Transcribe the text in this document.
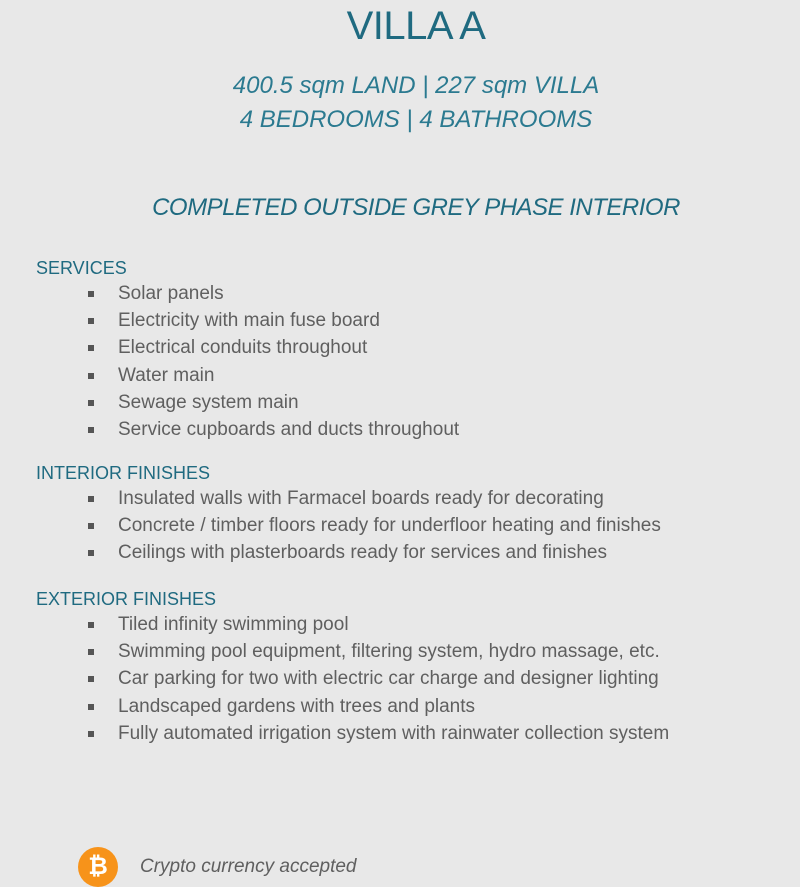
VILLA A
400.5 sqm LAND | 227 sqm VILLA
4 BEDROOMS | 4 BATHROOMS
COMPLETED OUTSIDE GREY PHASE INTERIOR
SERVICES
Solar panels
Electricity with main fuse board
Electrical conduits throughout
Water main
Sewage system main
Service cupboards and ducts throughout
INTERIOR FINISHES
Insulated walls with Farmacel boards ready for decorating
Concrete / timber floors ready for underfloor heating and finishes
Ceilings with plasterboards ready for services and finishes
EXTERIOR FINISHES
Tiled infinity swimming pool
Swimming pool equipment, filtering system, hydro massage, etc.
Car parking for two with electric car charge and designer lighting
Landscaped gardens with trees and plants
Fully automated irrigation system with rainwater collection system
₿	Crypto currency accepted
